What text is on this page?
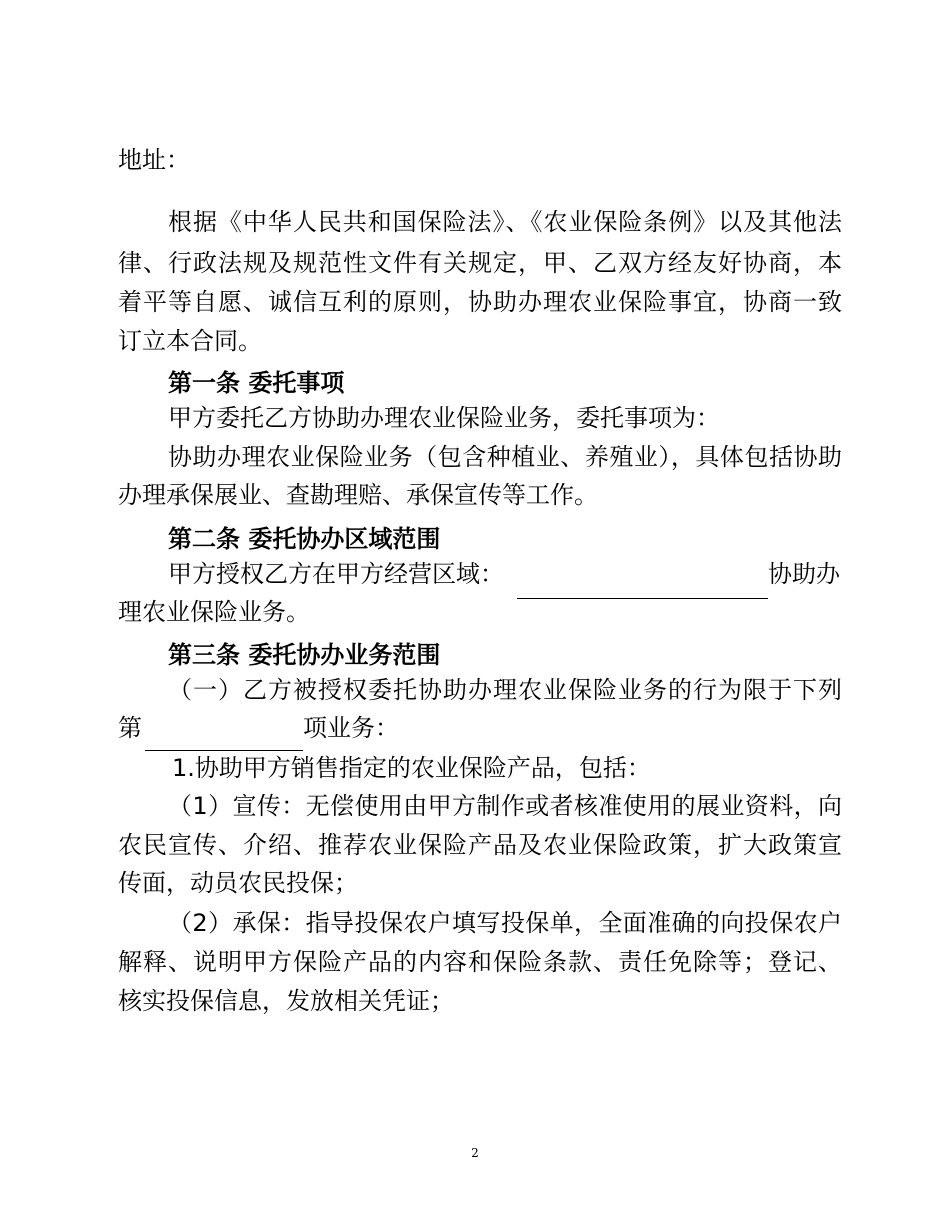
地址：
根据《中华人民共和国保险法》、《农业保险条例》以及其他法
律、行政法规及规范性文件有关规定，甲、乙双方经友好协商，本
着平等自愿、诚信互利的原则，协助办理农业保险事宜，协商一致
订立本合同。
第一条 委托事项
甲方委托乙方协助办理农业保险业务，委托事项为：
协助办理农业保险业务（包含种植业、养殖业），具体包括协助
办理承保展业、查勘理赔、承保宣传等工作。
第二条 委托协办区域范围
甲方授权乙方在甲方经营区域：	协助办
理农业保险业务。
第三条 委托协办业务范围
（一）乙方被授权委托协助办理农业保险业务的行为限于下列
第	项业务：
1.协助甲方销售指定的农业保险产品，包括：
（1）宣传：无偿使用由甲方制作或者核准使用的展业资料，向
农民宣传、介绍、推荐农业保险产品及农业保险政策，扩大政策宣
传面，动员农民投保；
（2）承保：指导投保农户填写投保单，全面准确的向投保农户
解释、说明甲方保险产品的内容和保险条款、责任免除等；登记、
核实投保信息，发放相关凭证；
2
